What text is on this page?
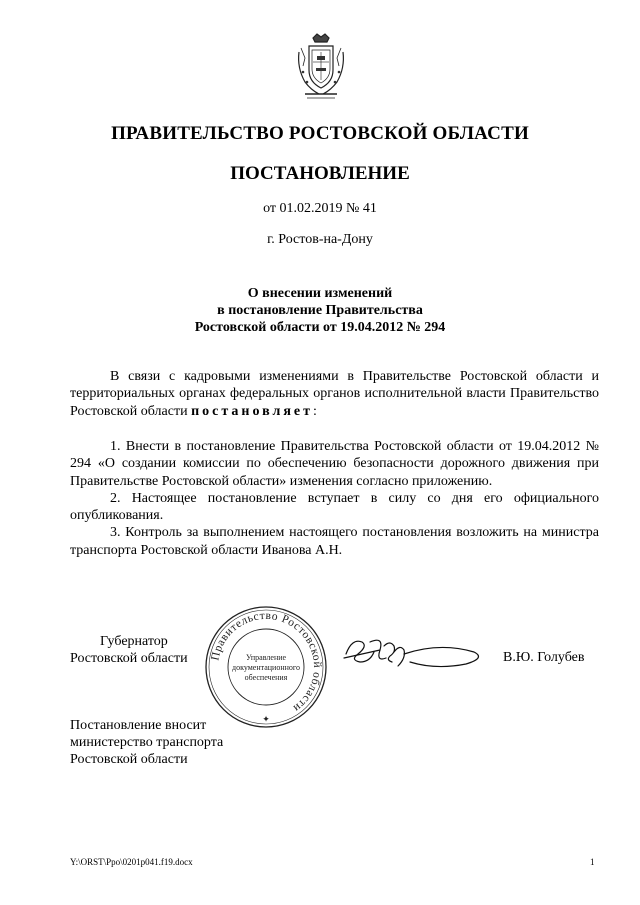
ПРАВИТЕЛЬСТВО РОСТОВСКОЙ ОБЛАСТИ
ПОСТАНОВЛЕНИЕ
от 01.02.2019 № 41
г. Ростов-на-Дону
О внесении изменений
в постановление Правительства
Ростовской области от 19.04.2012 № 294
В связи с кадровыми изменениями в Правительстве Ростовской области и территориальных органах федеральных органов исполнительной власти Правительство Ростовской области постановляет:

1. Внести в постановление Правительства Ростовской области от 19.04.2012 № 294 «О создании комиссии по обеспечению безопасности дорожного движения при Правительстве Ростовской области» изменения согласно приложению.

2. Настоящее постановление вступает в силу со дня его официального опубликования.

3. Контроль за выполнением настоящего постановления возложить на министра транспорта Ростовской области Иванова А.Н.

Губернатор
Ростовской области Правительство Ростовской области
Управление
документационного
обеспечения
✦
В.Ю. Голубев
Постановление вносит
министерство транспорта
Ростовской области
Y:\ORST\Ppo\0201p041.f19.docx	1
